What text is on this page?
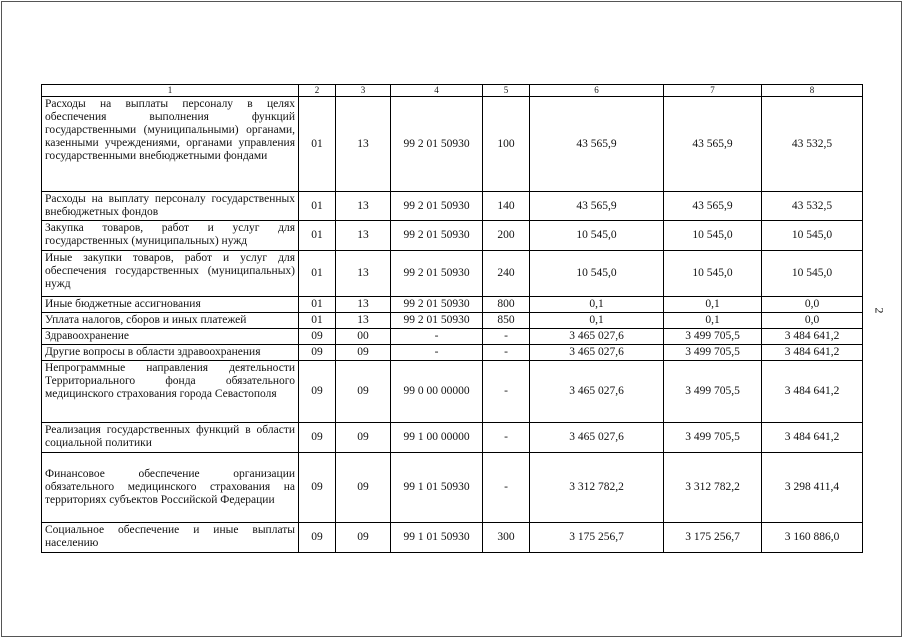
2
1	2	3	4	5	6	7	8
Расходы на выплаты персоналу в целях обеспечения выполнения функций государственными (муниципальными) органами, казенными учреждениями, органами управления государственными внебюджетными фондами	01	13	99 2 01 50930	100	43 565,9	43 565,9	43 532,5
Расходы на выплату персоналу государственных внебюджетных фондов	01	13	99 2 01 50930	140	43 565,9	43 565,9	43 532,5
Закупка товаров, работ и услуг для государственных (муниципальных) нужд	01	13	99 2 01 50930	200	10 545,0	10 545,0	10 545,0
Иные закупки товаров, работ и услуг для обеспечения государственных (муниципальных) нужд	01	13	99 2 01 50930	240	10 545,0	10 545,0	10 545,0
Иные бюджетные ассигнования	01	13	99 2 01 50930	800	0,1	0,1	0,0
Уплата налогов, сборов и иных платежей	01	13	99 2 01 50930	850	0,1	0,1	0,0
Здравоохранение	09	00	-	-	3 465 027,6	3 499 705,5	3 484 641,2
Другие вопросы в области здравоохранения	09	09	-	-	3 465 027,6	3 499 705,5	3 484 641,2
Непрограммные направления деятельности Территориального фонда обязательного медицинского страхования города Севастополя	09	09	99 0 00 00000	-	3 465 027,6	3 499 705,5	3 484 641,2
Реализация государственных функций в области социальной политики	09	09	99 1 00 00000	-	3 465 027,6	3 499 705,5	3 484 641,2
Финансовое обеспечение организации обязательного медицинского страхования на территориях субъектов Российской Федерации	09	09	99 1 01 50930	-	3 312 782,2	3 312 782,2	3 298 411,4
Социальное обеспечение и иные выплаты населению	09	09	99 1 01 50930	300	3 175 256,7	3 175 256,7	3 160 886,0
